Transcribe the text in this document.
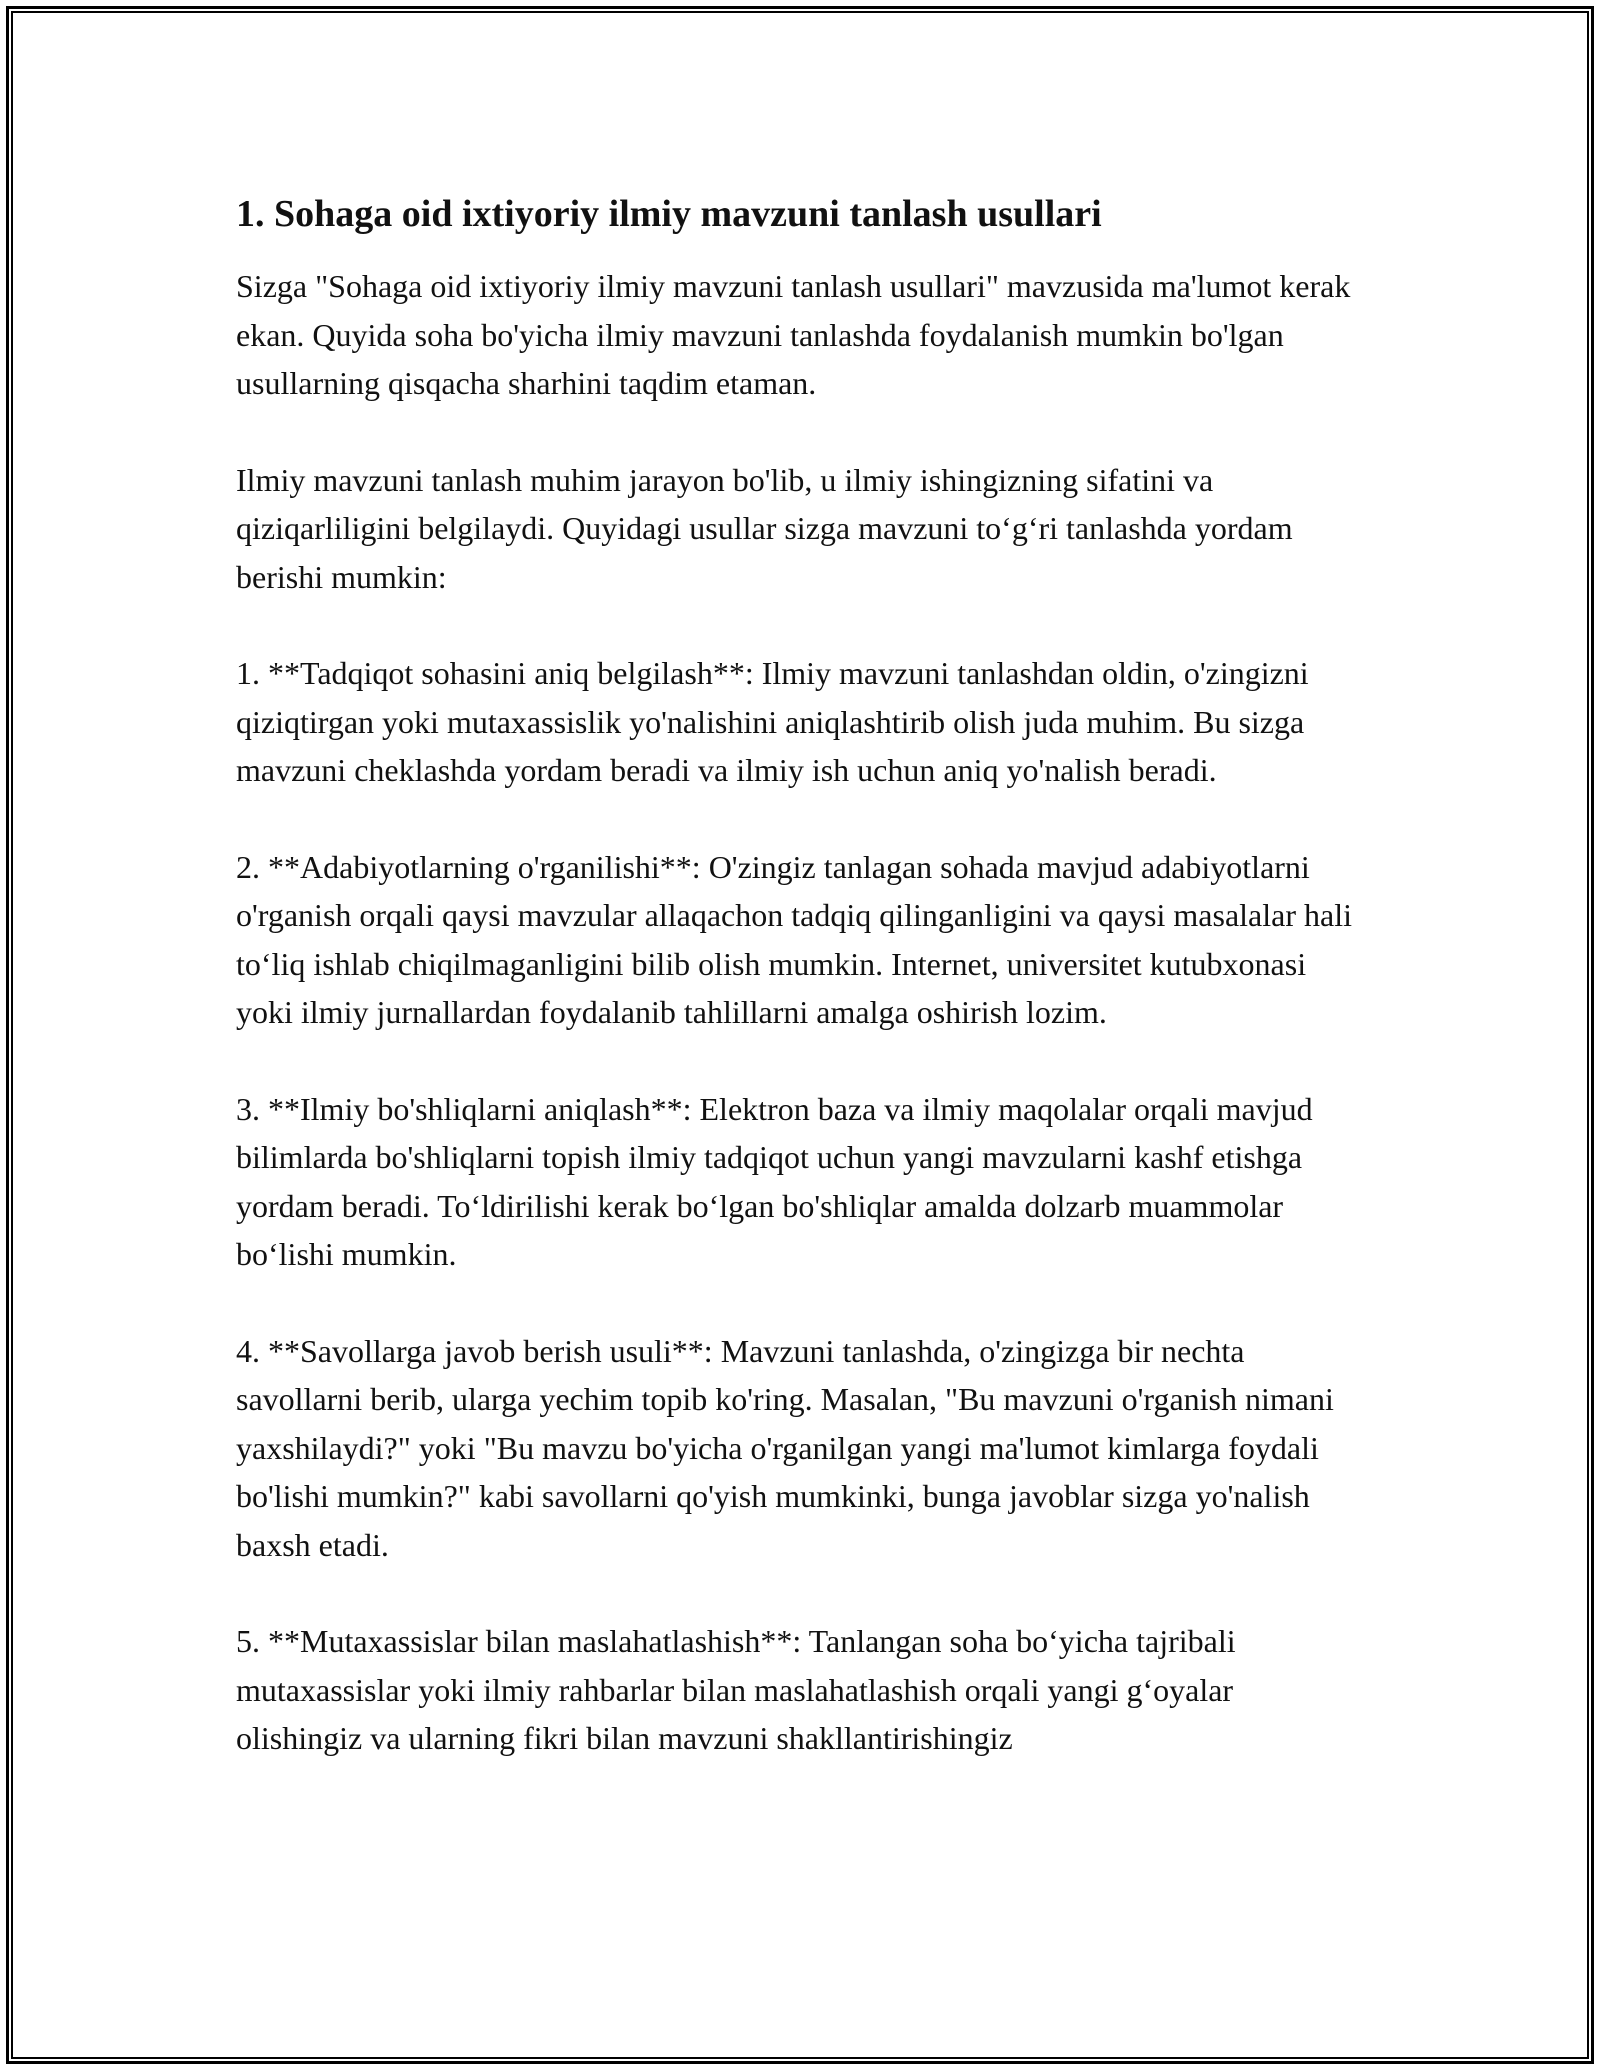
1. Sohaga oid ixtiyoriy ilmiy mavzuni tanlash usullari

Sizga "Sohaga oid ixtiyoriy ilmiy mavzuni tanlash usullari" mavzusida ma'lumot kerak ekan. Quyida soha bo'yicha ilmiy mavzuni tanlashda foydalanish mumkin bo'lgan usullarning qisqacha sharhini taqdim etaman.

Ilmiy mavzuni tanlash muhim jarayon bo'lib, u ilmiy ishingizning sifatini va qiziqarliligini belgilaydi. Quyidagi usullar sizga mavzuni to‘g‘ri tanlashda yordam berishi mumkin:

1. **Tadqiqot sohasini aniq belgilash**: Ilmiy mavzuni tanlashdan oldin, o'zingizni qiziqtirgan yoki mutaxassislik yo'nalishini aniqlashtirib olish juda muhim. Bu sizga mavzuni cheklashda yordam beradi va ilmiy ish uchun aniq yo'nalish beradi.

2. **Adabiyotlarning o'rganilishi**: O'zingiz tanlagan sohada mavjud adabiyotlarni o'rganish orqali qaysi mavzular allaqachon tadqiq qilinganligini va qaysi masalalar hali to‘liq ishlab chiqilmaganligini bilib olish mumkin. Internet, universitet kutubxonasi yoki ilmiy jurnallardan foydalanib tahlillarni amalga oshirish lozim.

3. **Ilmiy bo'shliqlarni aniqlash**: Elektron baza va ilmiy maqolalar orqali mavjud bilimlarda bo'shliqlarni topish ilmiy tadqiqot uchun yangi mavzularni kashf etishga yordam beradi. To‘ldirilishi kerak bo‘lgan bo'shliqlar amalda dolzarb muammolar bo‘lishi mumkin.

4. **Savollarga javob berish usuli**: Mavzuni tanlashda, o'zingizga bir nechta savollarni berib, ularga yechim topib ko'ring. Masalan, "Bu mavzuni o'rganish nimani yaxshilaydi?" yoki "Bu mavzu bo'yicha o'rganilgan yangi ma'lumot kimlarga foydali bo'lishi mumkin?" kabi savollarni qo'yish mumkinki, bunga javoblar sizga yo'nalish baxsh etadi.

5. **Mutaxassislar bilan maslahatlashish**: Tanlangan soha bo‘yicha tajribali mutaxassislar yoki ilmiy rahbarlar bilan maslahatlashish orqali yangi g‘oyalar olishingiz va ularning fikri bilan mavzuni shakllantirishingiz
